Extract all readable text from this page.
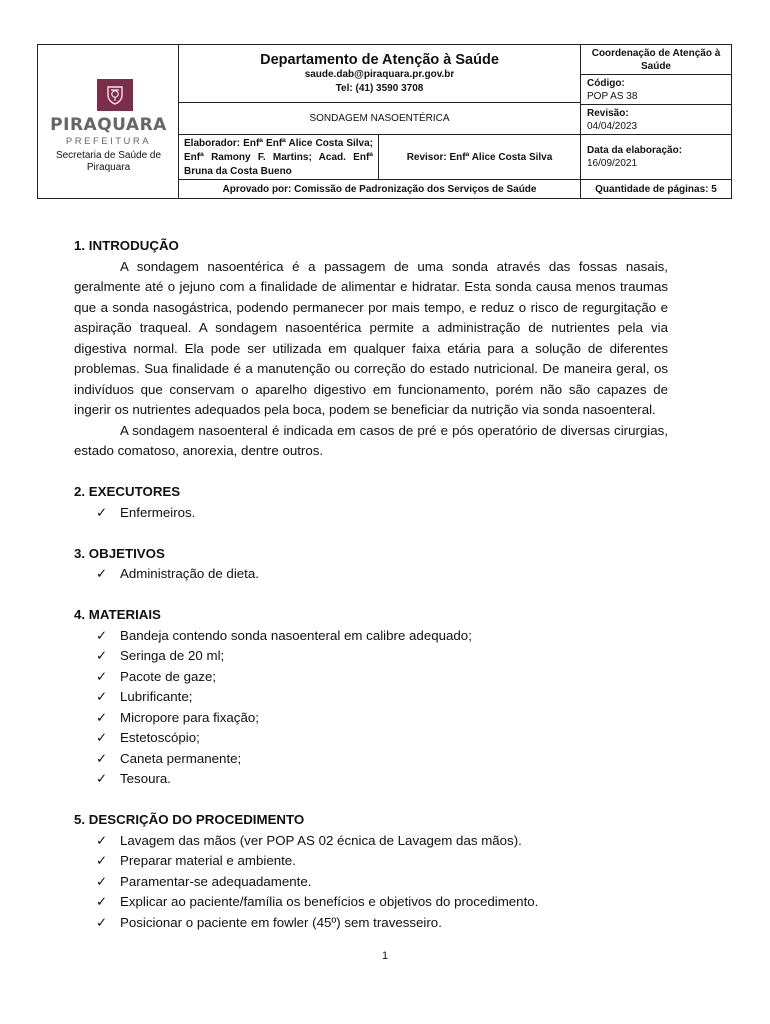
PIRAQUARA
PREFEITURA
Secretaria de Saúde de Piraquara
Departamento de Atenção à Saúde
saude.dab@piraquara.pr.gov.br
Tel: (41) 3590 3708
SONDAGEM NASOENTÉRICA
Elaborador: Enfª Enfª Alice Costa Silva; Enfª Ramony F. Martins; Acad. Enfª Bruna da Costa Bueno
Revisor: Enfª Alice Costa Silva
Aprovado por: Comissão de Padronização dos Serviços de Saúde
Coordenação de Atenção à Saúde
Código:
POP AS 38
Revisão:
04/04/2023
Data da elaboração:
16/09/2021
Quantidade de páginas: 5

1. INTRODUÇÃO

A sondagem nasoentérica é a passagem de uma sonda através das fossas nasais, geralmente até o jejuno com a finalidade de alimentar e hidratar. Esta sonda causa menos traumas que a sonda nasogástrica, podendo permanecer por mais tempo, e reduz o risco de regurgitação e aspiração traqueal. A sondagem nasoentérica permite a administração de nutrientes pela via digestiva normal. Ela pode ser utilizada em qualquer faixa etária para a solução de diferentes problemas. Sua finalidade é a manutenção ou correção do estado nutricional. De maneira geral, os indivíduos que conservam o aparelho digestivo em funcionamento, porém não são capazes de ingerir os nutrientes adequados pela boca, podem se beneficiar da nutrição via sonda nasoenteral.

A sondagem nasoenteral é indicada em casos de pré e pós operatório de diversas cirurgias, estado comatoso, anorexia, dentre outros.

2. EXECUTORES

✓ Enfermeiros.

3. OBJETIVOS

✓ Administração de dieta.

4. MATERIAIS

✓ Bandeja contendo sonda nasoenteral em calibre adequado;
✓ Seringa de 20 ml;
✓ Pacote de gaze;
✓ Lubrificante;
✓ Micropore para fixação;
✓ Estetoscópio;
✓ Caneta permanente;
✓ Tesoura.

5. DESCRIÇÃO DO PROCEDIMENTO

✓ Lavagem das mãos (ver POP AS 02 écnica de Lavagem das mãos).
✓ Preparar material e ambiente.
✓ Paramentar-se adequadamente.
✓ Explicar ao paciente/família os benefícios e objetivos do procedimento.
✓ Posicionar o paciente em fowler (45º) sem travesseiro.
1
